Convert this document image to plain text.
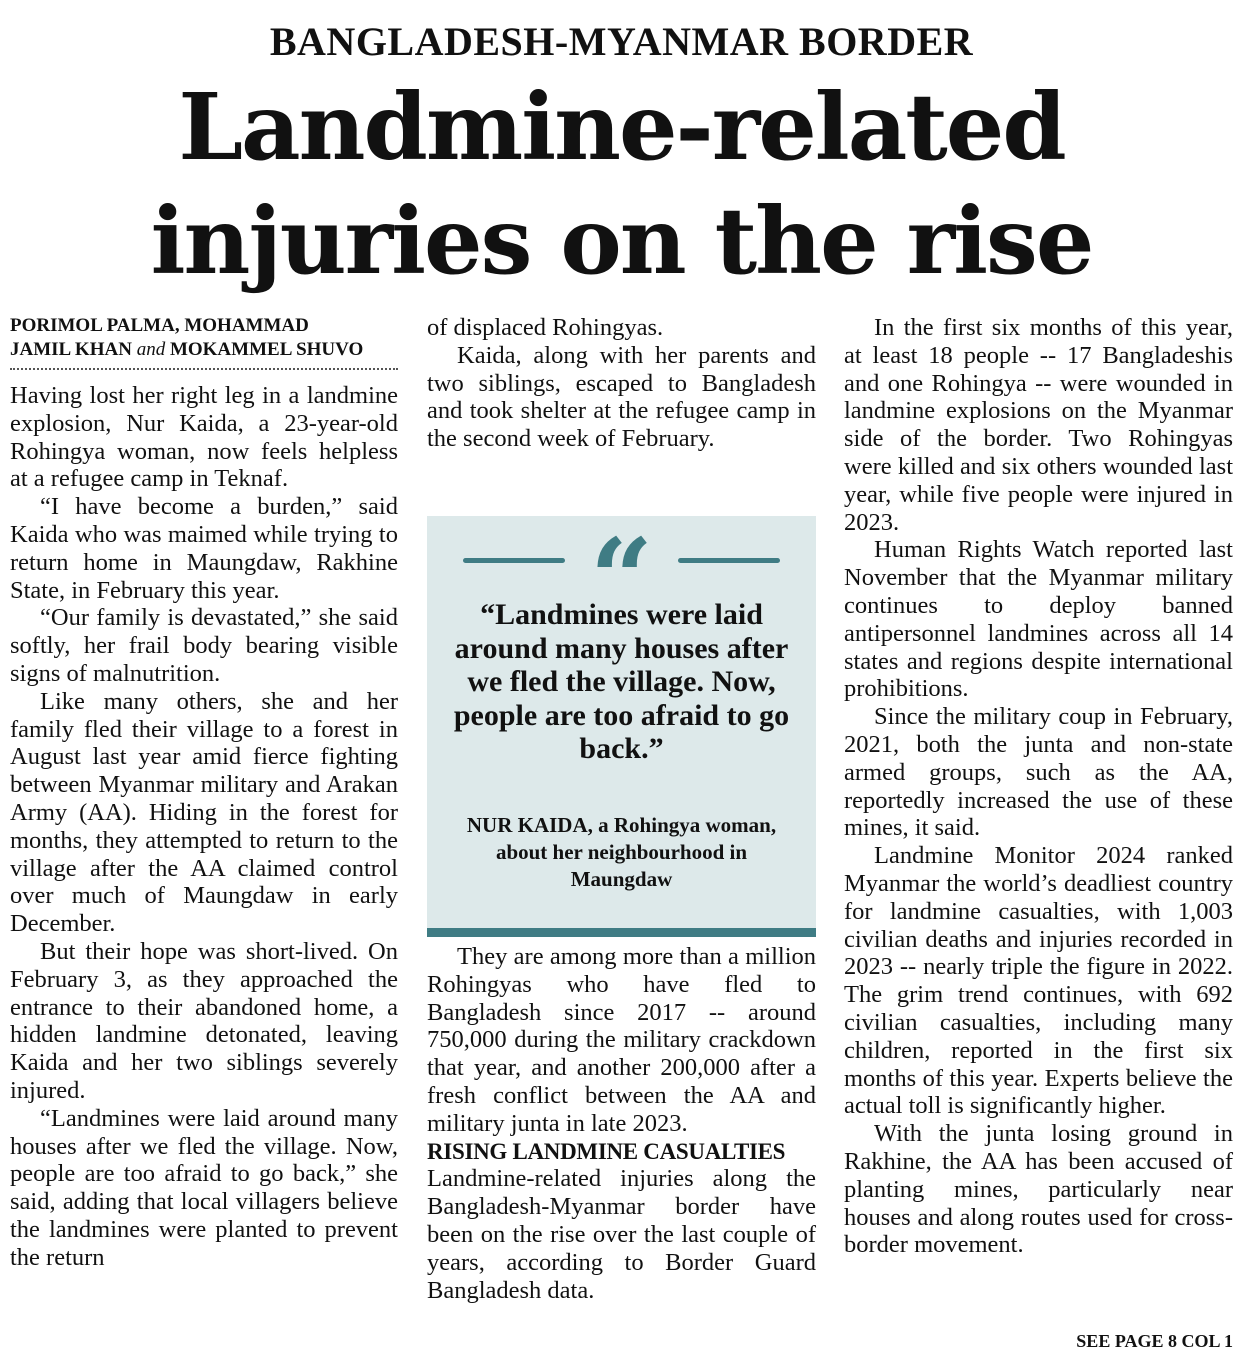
BANGLADESH-MYANMAR BORDER
Landmine-related
injuries on the rise
PORIMOL PALMA, MOHAMMAD
JAMIL KHAN and MOKAMMEL SHUVO

Having lost her right leg in a landmine explosion, Nur Kaida, a 23-year-old Rohingya woman, now feels helpless at a refugee camp in Teknaf.

“I have become a burden,” said Kaida who was maimed while trying to return home in Maungdaw, Rakhine State, in February this year.

“Our family is devastated,” she said softly, her frail body bearing visible signs of malnutrition.

Like many others, she and her family fled their village to a forest in August last year amid fierce fighting between Myanmar military and Arakan Army (AA). Hiding in the forest for months, they attempted to return to the village after the AA claimed control over much of Maungdaw in early December.

But their hope was short-lived. On February 3, as they approached the entrance to their abandoned home, a hidden landmine detonated, leaving Kaida and her two siblings severely injured.

“Landmines were laid around many houses after we fled the village. Now, people are too afraid to go back,” she said, adding that local villagers believe the landmines were planted to prevent the return

of displaced Rohingyas.

Kaida, along with her parents and two siblings, escaped to Bangladesh and took shelter at the refugee camp in the second week of February.

They are among more than a million Rohingyas who have fled to Bangladesh since 2017 -- around 750,000 during the military crackdown that year, and another 200,000 after a fresh conflict between the AA and military junta in late 2023.

RISING LANDMINE CASUALTIES

Landmine-related injuries along the Bangladesh-Myanmar border have been on the rise over the last couple of years, according to Border Guard Bangladesh data.

“
“Landmines were laid around many houses after we fled the village. Now, people are too afraid to go back.”
NUR KAIDA, a Rohingya woman, about her neighbourhood in Maungdaw

In the first six months of this year, at least 18 people -- 17 Bangladeshis and one Rohingya -- were wounded in landmine explosions on the Myanmar side of the border. Two Rohingyas were killed and six others wounded last year, while five people were injured in 2023.

Human Rights Watch reported last November that the Myanmar military continues to deploy banned antipersonnel landmines across all 14 states and regions despite international prohibitions.

Since the military coup in February, 2021, both the junta and non-state armed groups, such as the AA, reportedly increased the use of these mines, it said.

Landmine Monitor 2024 ranked Myanmar the world’s deadliest country for landmine casualties, with 1,003 civilian deaths and injuries recorded in 2023 -- nearly triple the figure in 2022. The grim trend continues, with 692 civilian casualties, including many children, reported in the first six months of this year. Experts believe the actual toll is significantly higher.

With the junta losing ground in Rakhine, the AA has been accused of planting mines, particularly near houses and along routes used for cross-border movement.

SEE PAGE 8 COL 1
